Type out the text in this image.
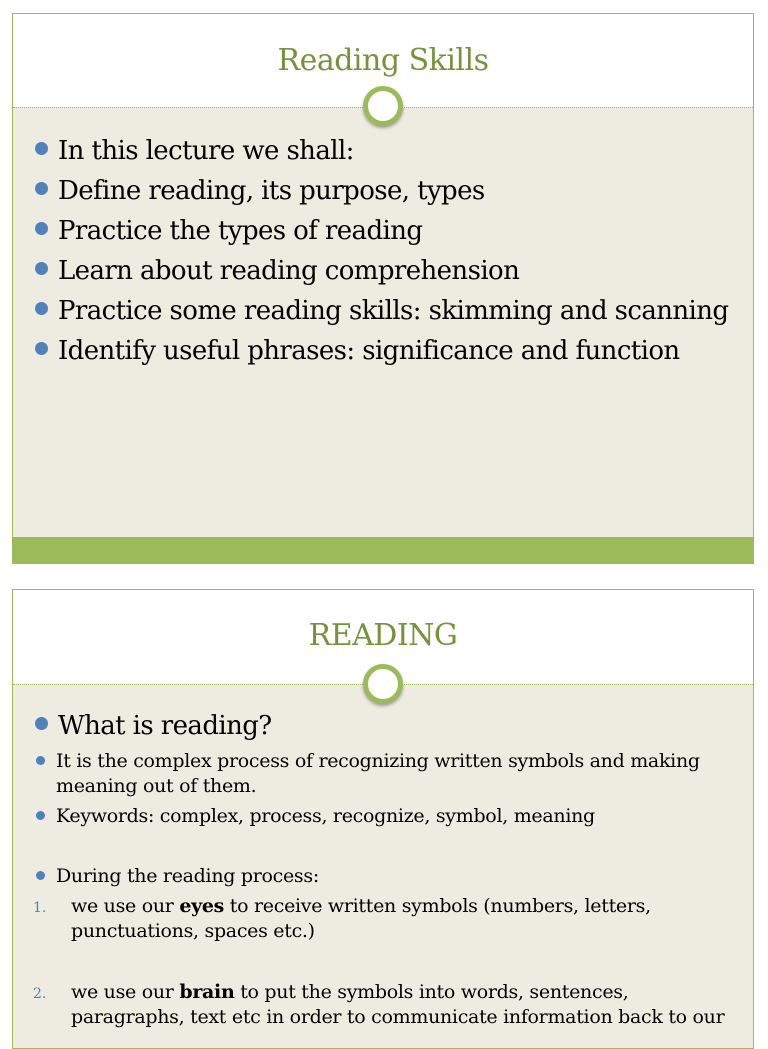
Reading Skills
In this lecture we shall:
Define reading, its purpose, types
Practice the types of reading
Learn about reading comprehension
Practice some reading skills: skimming and scanning
Identify useful phrases: significance and function
READING
What is reading?
It is the complex process of recognizing written symbols and making meaning out of them.
Keywords: complex, process, recognize, symbol, meaning
During the reading process:
1. we use our eyes to receive written symbols (numbers, letters, punctuations, spaces etc.)
2. we use our brain to put the symbols into words, sentences, paragraphs, text etc in order to communicate information back to our
